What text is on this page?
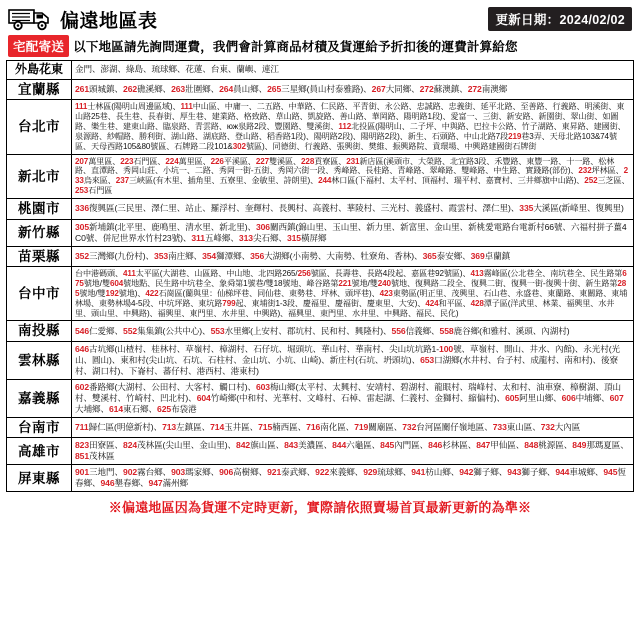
偏遠地區表	更新日期：2024/02/02
宅配寄送 以下地區請先詢問運費，我們會計算商品材積及貨運給予折扣後的運費計算給您
外島花東	金門、澎湖、綠島、琉球鄉、花蓮、台東、蘭嶼、連江
宜蘭縣	261頭城鎮、262礁溪鄉、263壯圍鄉、264員山鄉、265三星鄉(員山村泰雅路)、267大同鄉、272蘇澳鎮、272南澳鄉
台北市	111士林區(陽明山周邊區域)、111中山區、中庸一、二五路、中華路、仁民路、平青街、永公路、忠誠路、忠義街、延平北路、至善路、行義路、明溪街、東山路25巷、長生巷、長春街、厚生巷、建業路、格致路、草山路、凱旋路、善山路、華岡路、陽明路1段)、愛富一、三街、新安路、新園街、翠山街、如圖路、樂生巷、建東山路、臨泉路、青雲路、юж泉路2段、豐園路、雙溪街、112北投區(陽明山、二子坪、中與路、巴拉卡公路、竹子湖路、東昇路、建國街、泉源路、紗帽路、勝利街、湖山路、湖底路、登山路、稻香路1段)、陽明路2段)、陽明路2段)、新生、石頭路、中山北路7段219巷3弄、天母北路103&74號區、天母西路105&80號區、石牌路二段101&302號區)、同德街、行義路、張興街、樊維、振興路院、賁環場、中興路建國街石牌街
新北市	207萬里區、223石門區、224萬里區、226平溪區、227雙溪區、228貢寮區、231新店區(溪頭市、大榮路、北宜路3段、禾豐路、東豐一路、十一路、松林路、直潭路、秀岡山莊、小坑一、二路、秀岡一街-五街、秀岡六街一段、秀峰路、長桂路、青峰路、翠峰路、雙峰路、中生路、實踐路(部份)、232坪林區、233烏來區、237三峽區(有木里、插角里、五寮里、金敏里、詩朗里)、244林口區(下福村、太平村、頂福村、瑞平村、嘉寶村、三井鄉旗中山路)、252三芝區、253石門區
桃園市	336復興區(三民里、澤仁里、站止、羅浮村、奎輝村、長興村、高義村、華陵村、三光村、義盛村、霞雲村、澤仁里)、335大溪區(新峰里、復興里)
新竹縣	305新埔鎮(北平里、鹿鳴里、清水里、新北里)、306關西鎮(錦山里、玉山里、新力里、新富里、金山里、新桃愛電路台電新村66號、六福村拼子薑4C0號、併尼世界水竹村23號)、311五峰鄉、313尖石鄉、315橫屏鄉
苗栗縣	352三灣鄉(九份村)、353南庄鄉、354獅潭鄉、356大湖鄉(小南勢、大南勢、牡寮角、香林)、365泰安鄉、369卓蘭鎮
台中市	台中港碼頭、411太平區(大湖巷、山區路、中山地、北四路265/256號區、長壽巷、長路4段起、嘉區巷92號區)、413霧峰區(公北巷全、南坑巷全、民生路第675號地/雙604號地點、民生路中坑巷全、象舜第1號巷/雙18號地、峰谷路第221號地/雙240號地、復興路二段全、復興二街、復興一街-復興十街、新生路第285號地/雙192號地)、422石崗區(蘭與里：仙梯坪巷、同仙巷、東勢巷、坪林、頭坪巷)、423東勢區(明正里、茂興里、石山巷、永盛巷、東蘭路、東關路、東埔林場、東勢林場4-5段、中坑坪路、東坑路799起、東埔街1-3段、慶福里、慶福街、慶東里、大安)、424和平區、428潭子區(洋武里、林業、福興里、水井里、頭山里、中興路)、福興里、東門里、水井里、中興路)、福興里、東門里、水井里、中興路、福民、民化)
南投縣	546仁愛鄉、552集集鎮(公共中心)、553水里鄉(上安村、郡坑村、民和村、興隆村)、556信義鄉、558鹿谷鄉(和雅村、溪頭、內湖村)
雲林縣	646古坑鄉(山楂村、桂林村、草嶺村、樟湖村、石仔坑、堀頭坑、華山村、華南村、尖山坑坑路1-100號、草嶺村、開山、井水、內館)、永光村(光山、圓山)、東和村(尖山坑、石坑、石柱村、金山坑、小坑、山崎)、新庄村(石坑、坍頭坑)、653口湖鄉(水井村、台子村、成龍村、南和村)、後寮村、湖口村)、下崙村、蕃仔村、港西村、港東村)
嘉義縣	602番路鄉(大湖村、公田村、大客村、觸口村)、603梅山鄉(太平村、太興村、安靖村、碧湖村、龍眼村、瑞峰村、太和村、油車寮、樟樹湖、頂山村、雙溪村、竹崎村、凹北村)、604竹崎鄉(中和村、光華村、文峰村、石棹、雷起湖、仁義村、金獅村、縮偏村)、605阿里山鄉、606中埔鄉、607大埔鄉、614東石鄉、625布袋港
台南市	711歸仁區(明億新村)、713左鎮區、714玉井區、715楠西區、716南化區、719關廟區、732台河區關仔嶺地區、733東山區、732大內區
高雄市	823田寮區、824茂林區(尖山里、金山里)、842旗山區、843美濃區、844六龜區、845內門區、846杉林區、847甲仙區、848桃源區、849那瑪夏區、851茂林區
屏東縣	901三地門、902霧台鄉、903瑪家鄉、906高樹鄉、921泰武鄉、922來義鄉、929琉球鄉、941枋山鄉、942獅子鄉、943獅子鄉、944車城鄉、945恆春鄉、946墾春鄉、947滿州鄉
※偏遠地區因為貨運不定時更新，實際請依照賣場首頁最新更新的為準※
